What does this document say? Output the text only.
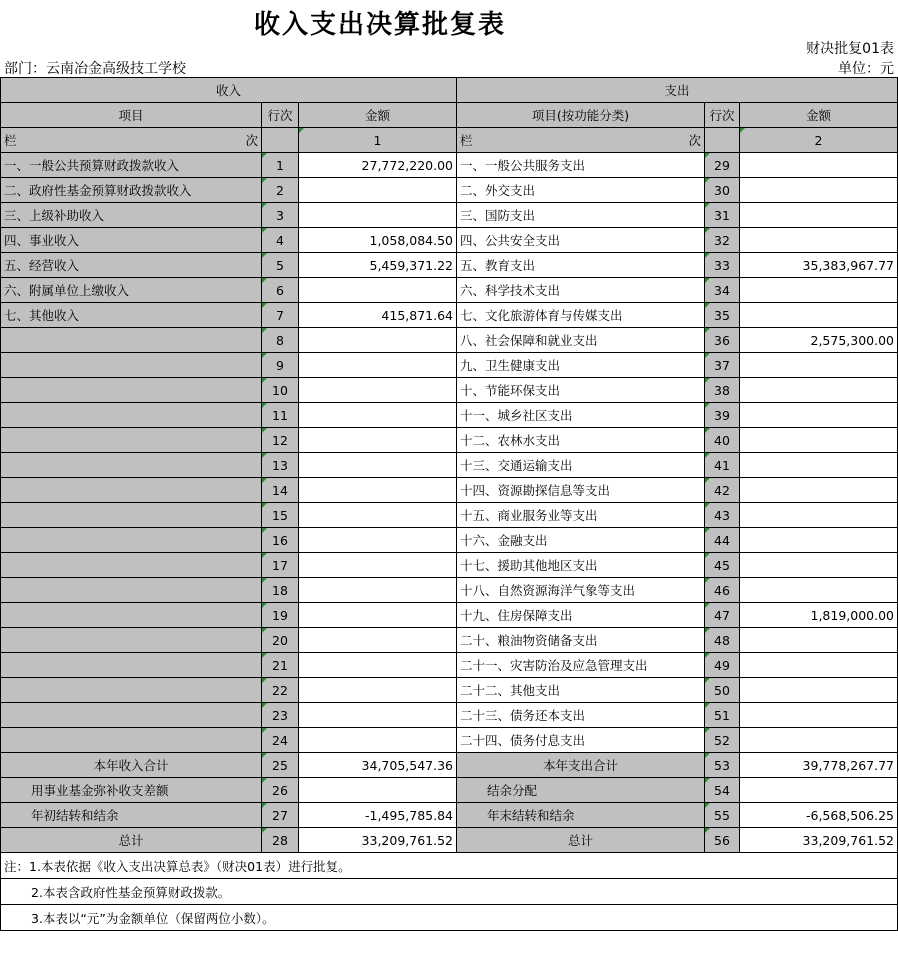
收入支出决算批复表
财决批复01表
部门：云南冶金高级技工学校	单位：元
收入			支出		
项目	行次	金额	项目(按功能分类)	行次	金额

栏 次		1	栏 次		2
一、一般公共预算财政拨款收入	1	27,772,220.00	一、一般公共服务支出	29	
二、政府性基金预算财政拨款收入	2		二、外交支出	30	
三、上级补助收入	3		三、国防支出	31	
四、事业收入	4	1,058,084.50	四、公共安全支出	32	
五、经营收入	5	5,459,371.22	五、教育支出	33	35,383,967.77
六、附属单位上缴收入	6		六、科学技术支出	34	
七、其他收入	7	415,871.64	七、文化旅游体育与传媒支出	35	
	8		八、社会保障和就业支出	36	2,575,300.00
	9		九、卫生健康支出	37	
	10		十、节能环保支出	38	
	11		十一、城乡社区支出	39	
	12		十二、农林水支出	40	
	13		十三、交通运输支出	41	
	14		十四、资源勘探信息等支出	42	
	15		十五、商业服务业等支出	43	
	16		十六、金融支出	44	
	17		十七、援助其他地区支出	45	
	18		十八、自然资源海洋气象等支出	46	
	19		十九、住房保障支出	47	1,819,000.00
	20		二十、粮油物资储备支出	48	
	21		二十一、灾害防治及应急管理支出	49	
	22		二十二、其他支出	50	
	23		二十三、债务还本支出	51	
	24		二十四、债务付息支出	52	
本年收入合计	25	34,705,547.36	本年支出合计	53	39,778,267.77
用事业基金弥补收支差额	26		结余分配	54	
年初结转和结余	27	-1,495,785.84	年末结转和结余	55	-6,568,506.25
总计	28	33,209,761.52	总计	56	33,209,761.52
注：1.本表依据《收入支出决算总表》（财决01表）进行批复。					
2.本表含政府性基金预算财政拨款。					
3.本表以“元”为金额单位（保留两位小数）。					
